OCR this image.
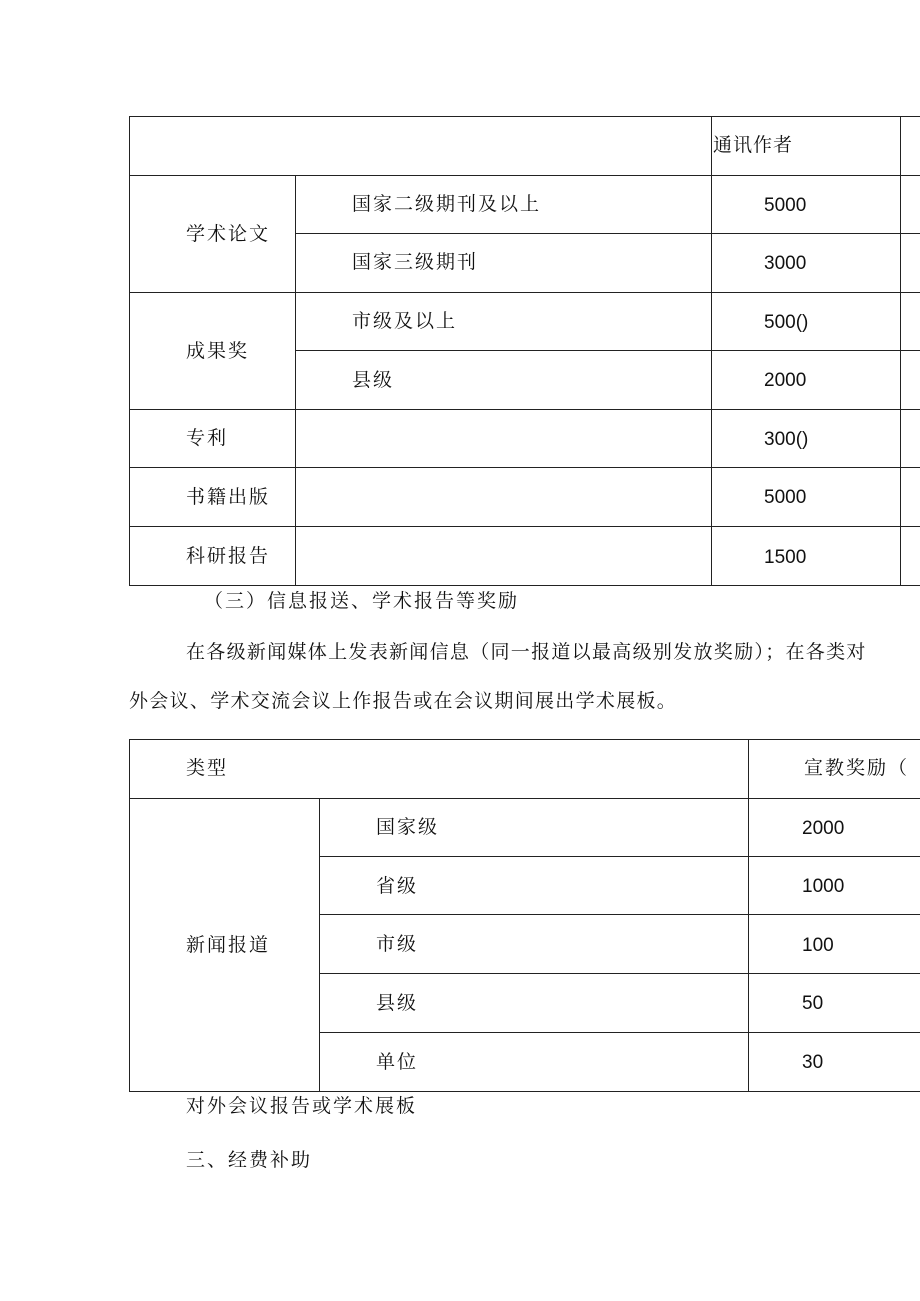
通讯作者
学术论文
成果奖
专利
书籍出版
科研报告
国家二级期刊及以上
国家三级期刊
市级及以上
县级
5000
3000
500()
2000
300()
5000
1500
（三）信息报送、学术报告等奖励
在各级新闻媒体上发表新闻信息（同一报道以最高级别发放奖励）；在各类对
外会议、学术交流会议上作报告或在会议期间展出学术展板。
类型	宣教奖励（
新闻报道
国家级
省级
市级
县级
单位
2000
1000
100
50
30
对外会议报告或学术展板
三、经费补助
